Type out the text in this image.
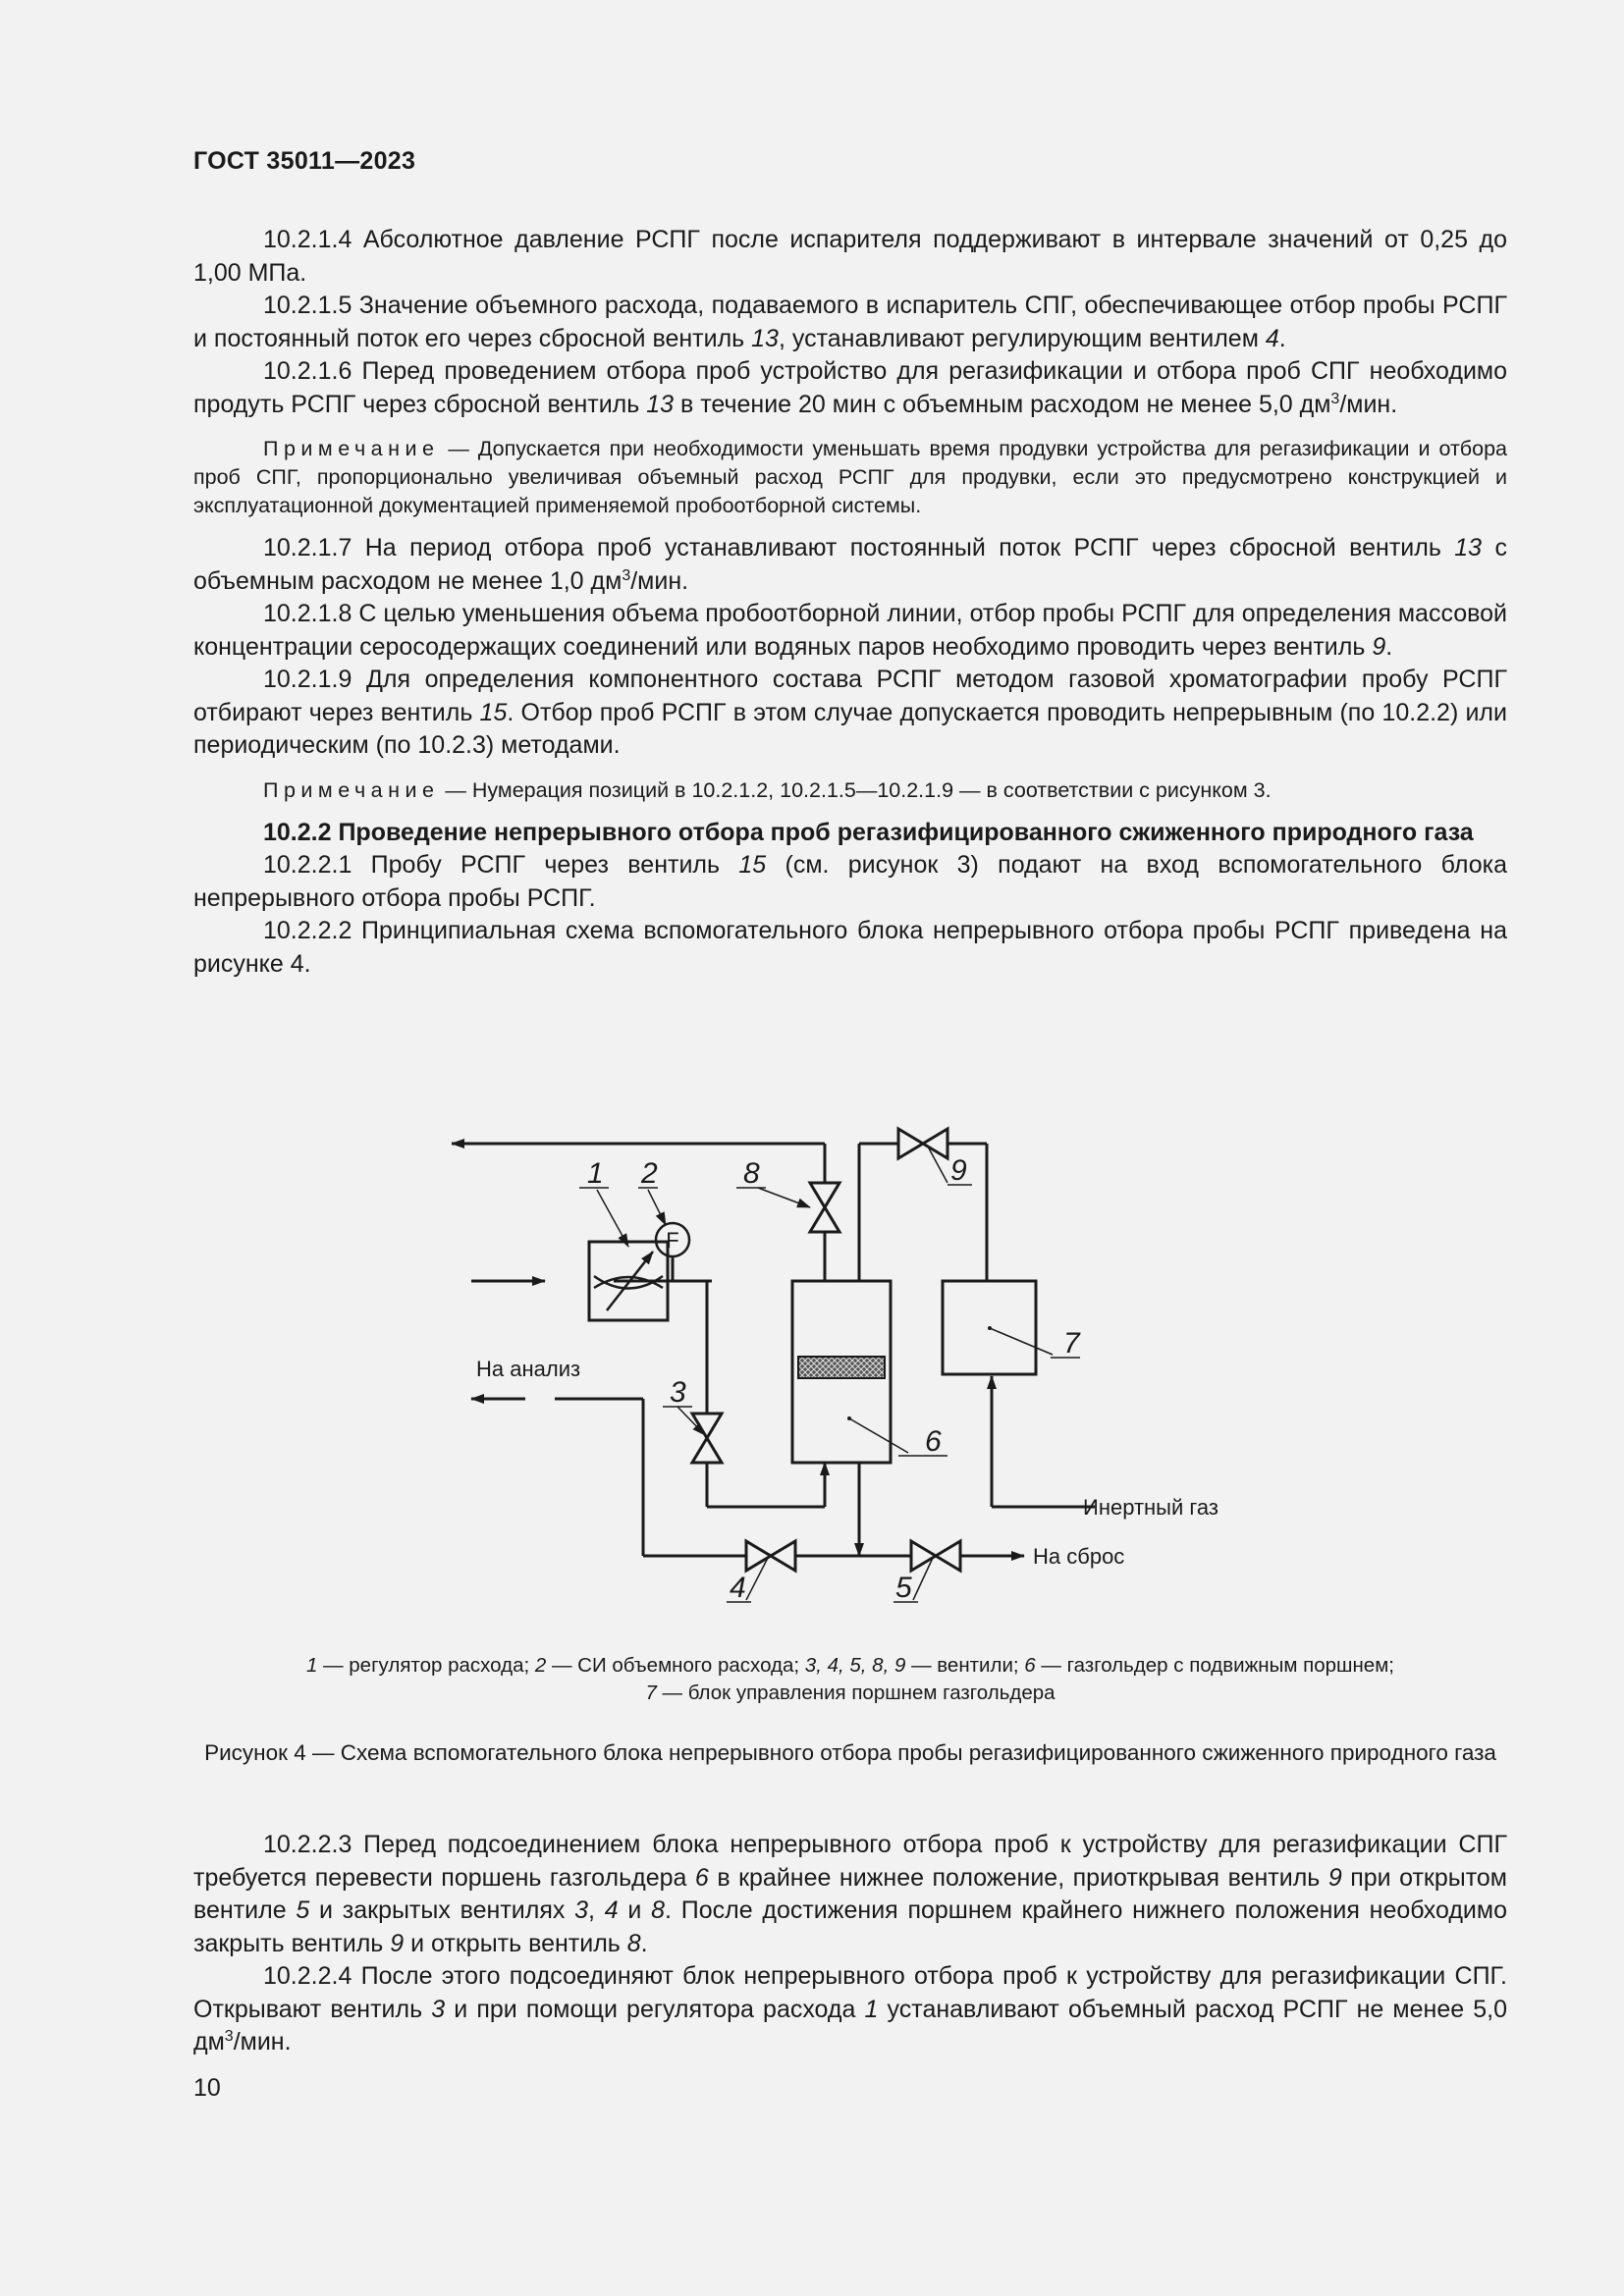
ГОСТ 35011—2023

10.2.1.4 Абсолютное давление РСПГ после испарителя поддерживают в интервале значений от 0,25 до 1,00 МПа.

10.2.1.5 Значение объемного расхода, подаваемого в испаритель СПГ, обеспечивающее отбор пробы РСПГ и постоянный поток его через сбросной вентиль 13, устанавливают регулирующим вентилем 4.

10.2.1.6 Перед проведением отбора проб устройство для регазификации и отбора проб СПГ необходимо продуть РСПГ через сбросной вентиль 13 в течение 20 мин с объемным расходом не менее 5,0 $дм^3$/мин.

Примечание — Допускается при необходимости уменьшать время продувки устройства для регазификации и отбора проб СПГ, пропорционально увеличивая объемный расход РСПГ для продувки, если это предусмотрено конструкцией и эксплуатационной документацией применяемой пробоотборной системы.

10.2.1.7 На период отбора проб устанавливают постоянный поток РСПГ через сбросной вентиль 13 с объемным расходом не менее 1,0 $дм^3$/мин.

10.2.1.8 С целью уменьшения объема пробоотборной линии, отбор пробы РСПГ для определения массовой концентрации серосодержащих соединений или водяных паров необходимо проводить через вентиль 9.

10.2.1.9 Для определения компонентного состава РСПГ методом газовой хроматографии пробу РСПГ отбирают через вентиль 15. Отбор проб РСПГ в этом случае допускается проводить непрерывным (по 10.2.2) или периодическим (по 10.2.3) методами.

Примечание — Нумерация позиций в 10.2.1.2, 10.2.1.5—10.2.1.9 — в соответствии с рисунком 3.

10.2.2 Проведение непрерывного отбора проб регазифицированного сжиженного природного газа

10.2.2.1 Пробу РСПГ через вентиль 15 (см. рисунок 3) подают на вход вспомогательного блока непрерывного отбора пробы РСПГ.

10.2.2.2 Принципиальная схема вспомогательного блока непрерывного отбора пробы РСПГ приведена на рисунке 4.

F
1 2	8	9
3
6
7
4	5
На анализ
Инертный газ
На сброс
1 — регулятор расхода; 2 — СИ объемного расхода; 3, 4, 5, 8, 9 — вентили; 6 — газгольдер с подвижным поршнем;
7 — блок управления поршнем газгольдера
Рисунок 4 — Схема вспомогательного блока непрерывного отбора пробы регазифицированного сжиженного природного газа

10.2.2.3 Перед подсоединением блока непрерывного отбора проб к устройству для регазификации СПГ требуется перевести поршень газгольдера 6 в крайнее нижнее положение, приоткрывая вентиль 9 при открытом вентиле 5 и закрытых вентилях 3, 4 и 8. После достижения поршнем крайнего нижнего положения необходимо закрыть вентиль 9 и открыть вентиль 8.

10.2.2.4 После этого подсоединяют блок непрерывного отбора проб к устройству для регазификации СПГ. Открывают вентиль 3 и при помощи регулятора расхода 1 устанавливают объемный расход РСПГ не менее 5,0 $дм^3$/мин.

10
